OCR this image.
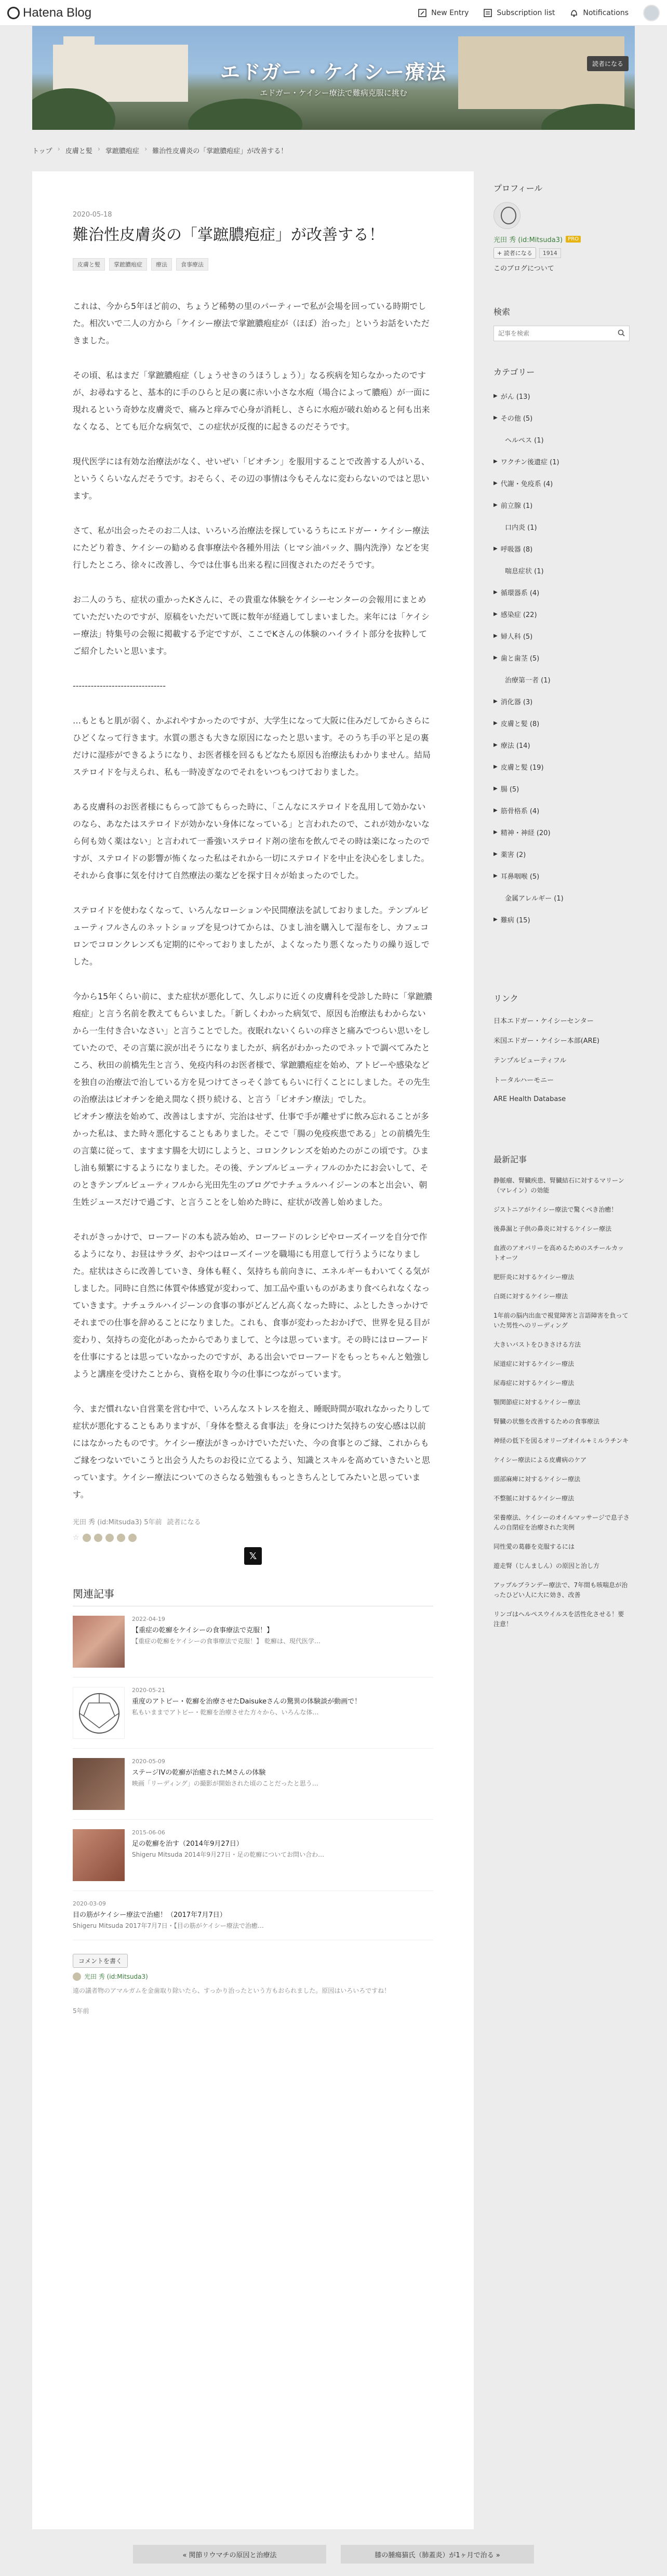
Hatena Blog	New Entry	Subscription list	Notifications
エドガー・ケイシー療法
エドガー・ケイシー療法で難病克服に挑む
読者になる
トップ › 皮膚と髪 › 掌蹠膿疱症 › 難治性皮膚炎の「掌蹠膿疱症」が改善する！
2020-05-18
難治性皮膚炎の「掌蹠膿疱症」が改善する！
皮膚と髪	掌蹠膿疱症	療法	食事療法

これは、今から5年ほど前の、ちょうど稀勢の里のパーティーで私が会場を回っている時期でした。相次いで二人の方から「ケイシー療法で掌蹠膿疱症が（ほぼ）治った」というお話をいただきました。

その頃、私はまだ「掌蹠膿疱症（しょうせきのうほうしょう）」なる疾病を知らなかったのですが、お尋ねすると、基本的に手のひらと足の裏に赤い小さな水疱（場合によって膿疱）が一面に現れるという奇妙な皮膚炎で、痛みと痒みで心身が消耗し、さらに水疱が破れ始めると何も出来なくなる、とても厄介な病気で、この症状が反復的に起きるのだそうです。

現代医学には有効な治療法がなく、せいぜい「ビオチン」を服用することで改善する人がいる、というくらいなんだそうです。おそらく、その辺の事情は今もそんなに変わらないのではと思います。

さて、私が出会ったそのお二人は、いろいろ治療法を探しているうちにエドガー・ケイシー療法にたどり着き、ケイシーの勧める食事療法や各種外用法（ヒマシ油パック、腸内洗浄）などを実行したところ、徐々に改善し、今では仕事も出来る程に回復されたのだそうです。

お二人のうち、症状の重かったKさんに、その貴重な体験をケイシーセンターの会報用にまとめていただいたのですが、原稿をいただいて既に数年が経過してしまいました。来年には「ケイシー療法」特集号の会報に掲載する予定ですが、ここでKさんの体験のハイライト部分を抜粋してご紹介したいと思います。

-------------------------------

…もともと肌が弱く、かぶれやすかったのですが、大学生になって大阪に住みだしてからさらにひどくなって行きます。水質の悪さも大きな原因になったと思います。そのうち手の平と足の裏だけに湿疹ができるようになり、お医者様を回るもどなたも原因も治療法もわかりません。結局ステロイドを与えられ、私も一時凌ぎなのでそれをいつもつけておりました。

ある皮膚科のお医者様にもらって診てもらった時に、「こんなにステロイドを乱用して効かないのなら、あなたはステロイドが効かない身体になっている」と言われたので、これが効かないなら何も効く薬はない」と言われて一番強いステロイド剤の塗布を飲んでその時は楽になったのですが、ステロイドの影響が怖くなった私はそれから一切にステロイドを中止を決心をしました。それから食事に気を付けて自然療法の薬などを探す日々が始まったのでした。

ステロイドを使わなくなって、いろんなローションや民間療法を試しておりました。テンプルビューティフルさんのネットショップを見つけてからは、ひまし油を購入して湿布をし、カフェコロンでコロンクレンズも定期的にやっておりましたが、よくなったり悪くなったりの繰り返しでした。

今から15年くらい前に、また症状が悪化して、久しぶりに近くの皮膚科を受診した時に「掌蹠膿疱症」と言う名前を教えてもらいました。「新しくわかった病気で、原因も治療法もわからないから一生付き合いなさい」と言うことでした。夜眠れないくらいの痒さと痛みでつらい思いをしていたので、その言葉に涙が出そうになりましたが、病名がわかったのでネットで調べてみたところ、秋田の前橋先生と言う、免疫内科のお医者様で、掌蹠膿疱症を始め、アトピーや感染などを独自の治療法で治している方を見つけてさっそく診てもらいに行くことにしました。その先生の治療法はビオチンを絶え間なく摂り続ける、と言う「ビオチン療法」でした。

ビオチン療法を始めて、改善はしますが、完治はせず、仕事で手が離せずに飲み忘れることが多かった私は、また時々悪化することもありました。そこで「腸の免疫疾患である」との前橋先生の言葉に従って、ますます腸を大切にしようと、コロンクレンズを始めたのがこの頃です。ひまし油も頻繁にするようになりました。その後、テンプルビューティフルのかたにお会いして、そのときテンプルビューティフルから光田先生のブログでナチュラルハイジーンの本と出会い、朝生姓ジュースだけで過ごす、と言うことをし始めた時に、症状が改善し始めました。

それがきっかけで、ローフードの本も読み始め、ローフードのレシピやローズイーツを自分で作るようになり、お昼はサラダ、おやつはローズイーツを職場にも用意して行うようになりました。症状はさらに改善していき、身体も軽く、気持ちも前向きに、エネルギーもわいてくる気がしました。同時に自然に体質や体感覚が変わって、加工品や重いものがあまり食べられなくなっていきます。ナチュラルハイジーンの食事の事がどんどん高くなった時に、ふとしたきっかけでそれまでの仕事を辞めることになりました。これも、食事が変わったおかげで、世界を見る目が変わり、気持ちの変化があったからでありまして、と今は思っています。その時にはローフードを仕事にするとは思っていなかったのですが、ある出会いでローフードをもっとちゃんと勉強しようと講座を受けたことから、資格を取り今の仕事につながっています。

今、まだ慣れない自営業を営む中で、いろんなストレスを抱え、睡眠時間が取れなかったりして症状が悪化することもありますが、「身体を整える食事法」を身につけた気持ちの安心感は以前にはなかったものです。ケイシー療法がきっかけでいただいた、今の食事とのご縁、これからもご縁をつないでいこうと出会う人たちのお役に立てるよう、知識とスキルを高めていきたいと思っています。ケイシー療法についてのさらなる勉強ももっときちんとしてみたいと思っています。

光田 秀 (id:Mitsuda3) 5年前 読者になる
☆
𝕏
関連記事
2022-04-19
【重症の乾癬をケイシーの食事療法で克服！】
【重症の乾癬をケイシーの食事療法で克服！】 乾癬は、現代医学…
2020-05-21
重度のアトピー・乾癬を治療させたDaisukeさんの驚異の体験談が動画で！
私もいままでアトピー・乾癬を治療させた方々から、いろんな体…
2020-05-09
ステージIVの乾癬が治癒されたMさんの体験
映画「リーディング」の撮影が開始された頃のことだったと思う…
2015-06-06
足の乾癬を治す（2014年9月27日）
Shigeru Mitsuda 2014年9月27日・足の乾癬についてお問い合わ…
2020-03-09
目の筋がケイシー療法で治癒！（2017年7月7日）
Shigeru Mitsuda 2017年7月7日・【目の筋がケイシー療法で治癒…
コメントを書く
光田 秀 (id:Mitsuda3)
遠の議者物のアマルガムを金歯取り除いたら、すっかり治ったという方もおられました。原因はいろいろですね！
5年前
プロフィール
光田 秀 (id:Mitsuda3)	PRO
+ 読者になる	1914
このブログについて
検索
記事を検索
カテゴリー
▶ がん (13)
▶ その他 (5)
ヘルペス (1)
▶ ワクチン後遺症 (1)
▶ 代謝・免疫系 (4)
▶ 前立腺 (1)
口内炎 (1)
▶ 呼吸器 (8)
喘息症状 (1)
▶ 循環器系 (4)
▶ 感染症 (22)
▶ 婦人科 (5)
▶ 歯と歯茎 (5)
治療第一者 (1)
▶ 消化器 (3)
▶ 皮膚と髪 (8)
▶ 療法 (14)
▶ 皮膚と髪 (19)
▶ 腸 (5)
▶ 筋骨格系 (4)
▶ 精神・神経 (20)
▶ 薬害 (2)
▶ 耳鼻咽喉 (5)
金属アレルギー (1)
▶ 難病 (15)
リンク
日本エドガー・ケイシーセンター
米国エドガー・ケイシー本部(ARE)
テンプルビューティフル
トータルハーモニー
ARE Health Database
最新記事
静脈瘤、腎臓疾患、腎臓結石に対するマリーン（マレイン）の効能
ジストニアがケイシー療法で驚くべき治癒！
後鼻漏と子供の鼻炎に対するケイシー療法
血液のアオバリーを高めるためのスチールカットオーツ
肥肝炎に対するケイシー療法
白斑に対するケイシー療法
1年前の脳内出血で視覚障害と言語障害を負っていた男性へのリーディング
大きいバストをひきさける方法
尿道症に対するケイシー療法
尿毒症に対するケイシー療法
顎関節症に対するケイシー療法
腎臓の状態を改善するための食事療法
神経の低下を図るオリーブオイル+ミルラチンキ
ケイシー療法による皮膚病のケア
頭部麻痺に対するケイシー療法
不整脈に対するケイシー療法
栄養療法、ケイシーのオイルマッサージで息子さんの自閉症を治療された実例
同性愛の葛藤を克服するには
遊走腎（じんましん）の原因と治し方
アップルブランデー療法で、7年間も咳喘息が治ったひどい人に大に効き、改善
リンゴはヘルペスウイルスを活性化させる！要注意！
« 関節リウマチの原因と治療法	膝の腫瘍猫氏（肺蓋炎）が1ヶ月で治る »
